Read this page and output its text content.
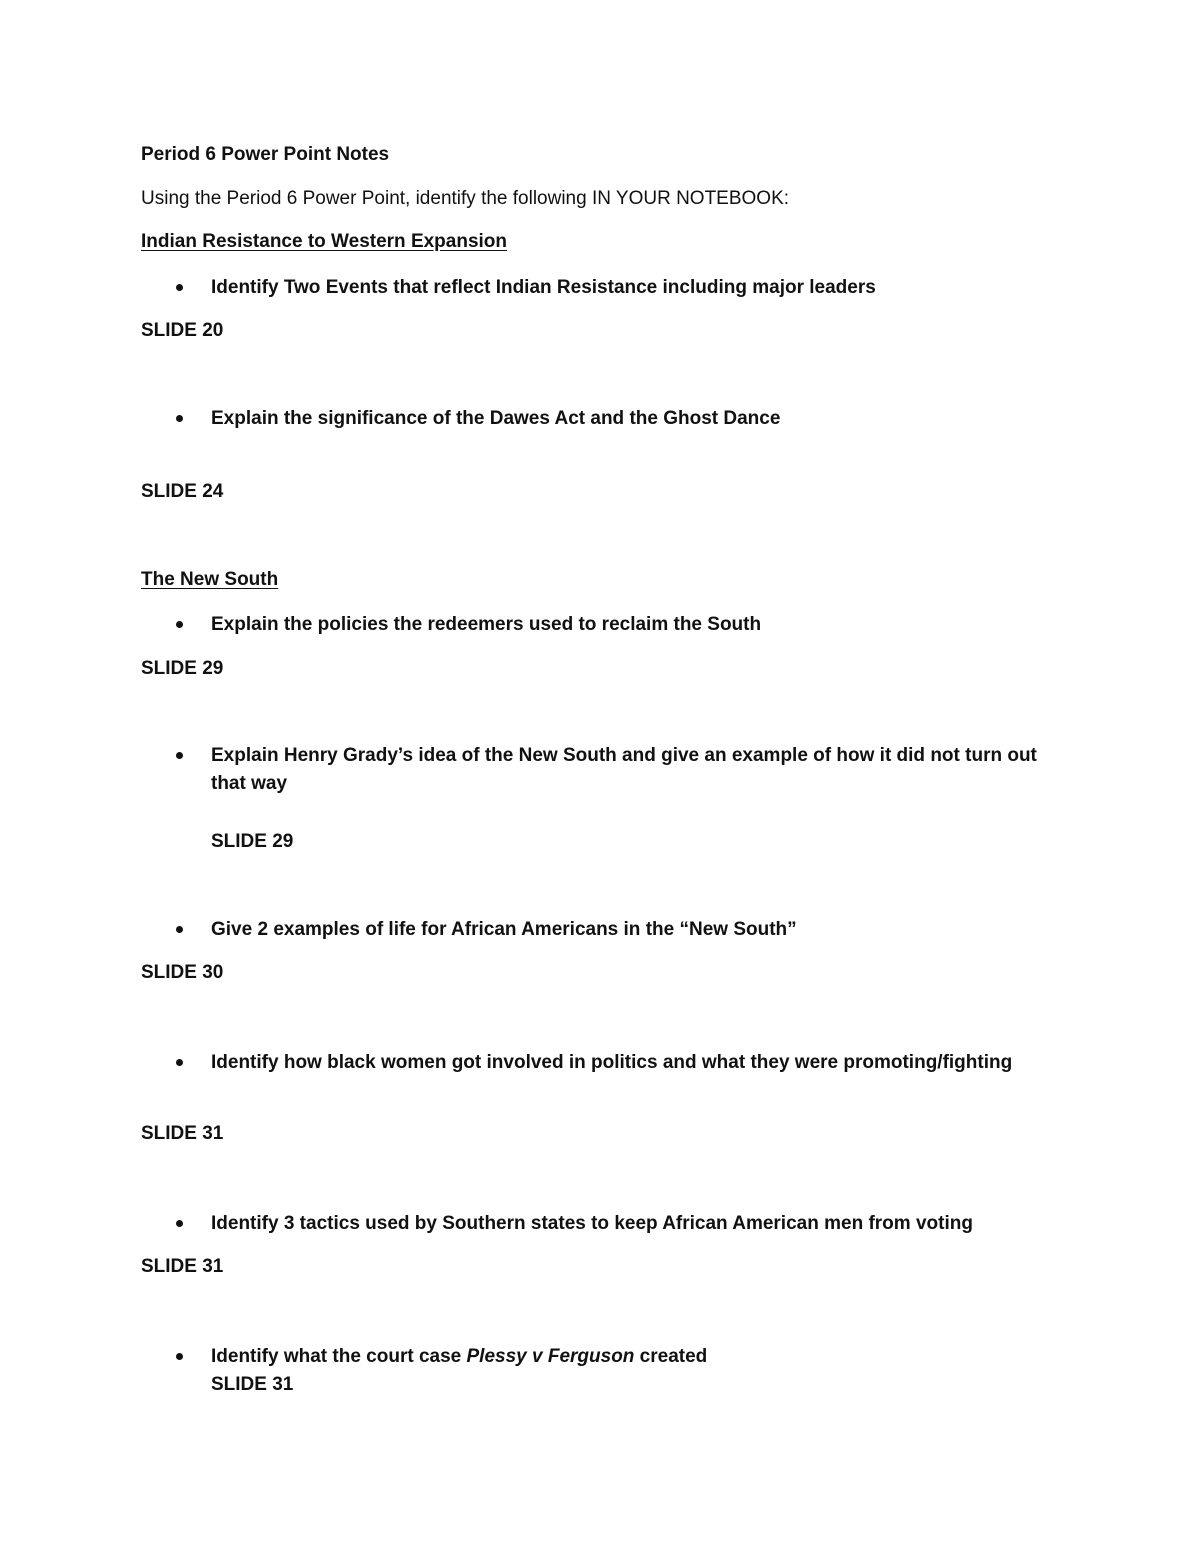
Period 6 Power Point Notes
Using the Period 6 Power Point, identify the following IN YOUR NOTEBOOK:
Indian Resistance to Western Expansion
Identify Two Events that reflect Indian Resistance including major leaders
SLIDE 20
Explain the significance of the Dawes Act and the Ghost Dance
SLIDE 24
The New South
Explain the policies the redeemers used to reclaim the South
SLIDE 29
Explain Henry Grady’s idea of the New South and give an example of how it did not turn out
that way
SLIDE 29
Give 2 examples of life for African Americans in the “New South”
SLIDE 30
Identify how black women got involved in politics and what they were promoting/fighting
SLIDE 31
Identify 3 tactics used by Southern states to keep African American men from voting
SLIDE 31
Identify what the court case Plessy v Ferguson created
SLIDE 31
